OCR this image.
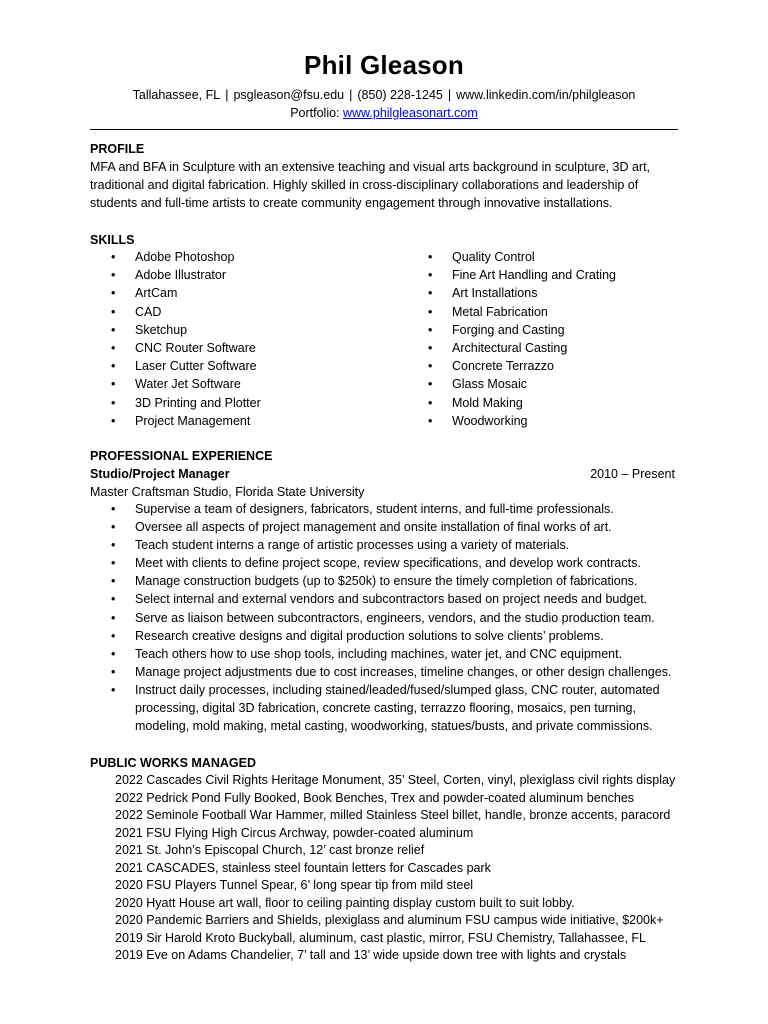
Phil Gleason
Tallahassee, FL | psgleason@fsu.edu | (850) 228-1245 | www.linkedin.com/in/philgleason
Portfolio: www.philgleasonart.com
PROFILE
MFA and BFA in Sculpture with an extensive teaching and visual arts background in sculpture, 3D art, traditional and digital fabrication. Highly skilled in cross-disciplinary collaborations and leadership of students and full-time artists to create community engagement through innovative installations.
SKILLS
• Adobe Photoshop
• Adobe Illustrator
• ArtCam
• CAD
• Sketchup
• CNC Router Software
• Laser Cutter Software
• Water Jet Software
• 3D Printing and Plotter
• Project Management
• Quality Control
• Fine Art Handling and Crating
• Art Installations
• Metal Fabrication
• Forging and Casting
• Architectural Casting
• Concrete Terrazzo
• Glass Mosaic
• Mold Making
• Woodworking
PROFESSIONAL EXPERIENCE
Studio/Project Manager	2010 – Present
Master Craftsman Studio, Florida State University
• Supervise a team of designers, fabricators, student interns, and full-time professionals.
• Oversee all aspects of project management and onsite installation of final works of art.
• Teach student interns a range of artistic processes using a variety of materials.
• Meet with clients to define project scope, review specifications, and develop work contracts.
• Manage construction budgets (up to $250k) to ensure the timely completion of fabrications.
• Select internal and external vendors and subcontractors based on project needs and budget.
• Serve as liaison between subcontractors, engineers, vendors, and the studio production team.
• Research creative designs and digital production solutions to solve clients’ problems.
• Teach others how to use shop tools, including machines, water jet, and CNC equipment.
• Manage project adjustments due to cost increases, timeline changes, or other design challenges.
• Instruct daily processes, including stained/leaded/fused/slumped glass, CNC router, automated processing, digital 3D fabrication, concrete casting, terrazzo flooring, mosaics, pen turning, modeling, mold making, metal casting, woodworking, statues/busts, and private commissions.
PUBLIC WORKS MANAGED
2022 Cascades Civil Rights Heritage Monument, 35’ Steel, Corten, vinyl, plexiglass civil rights display
2022 Pedrick Pond Fully Booked, Book Benches, Trex and powder-coated aluminum benches
2022 Seminole Football War Hammer, milled Stainless Steel billet, handle, bronze accents, paracord
2021 FSU Flying High Circus Archway, powder-coated aluminum
2021 St. John’s Episcopal Church, 12’ cast bronze relief
2021 CASCADES, stainless steel fountain letters for Cascades park
2020 FSU Players Tunnel Spear, 6’ long spear tip from mild steel
2020 Hyatt House art wall, floor to ceiling painting display custom built to suit lobby.
2020 Pandemic Barriers and Shields, plexiglass and aluminum FSU campus wide initiative, $200k+
2019 Sir Harold Kroto Buckyball, aluminum, cast plastic, mirror, FSU Chemistry, Tallahassee, FL
2019 Eve on Adams Chandelier, 7’ tall and 13’ wide upside down tree with lights and crystals
